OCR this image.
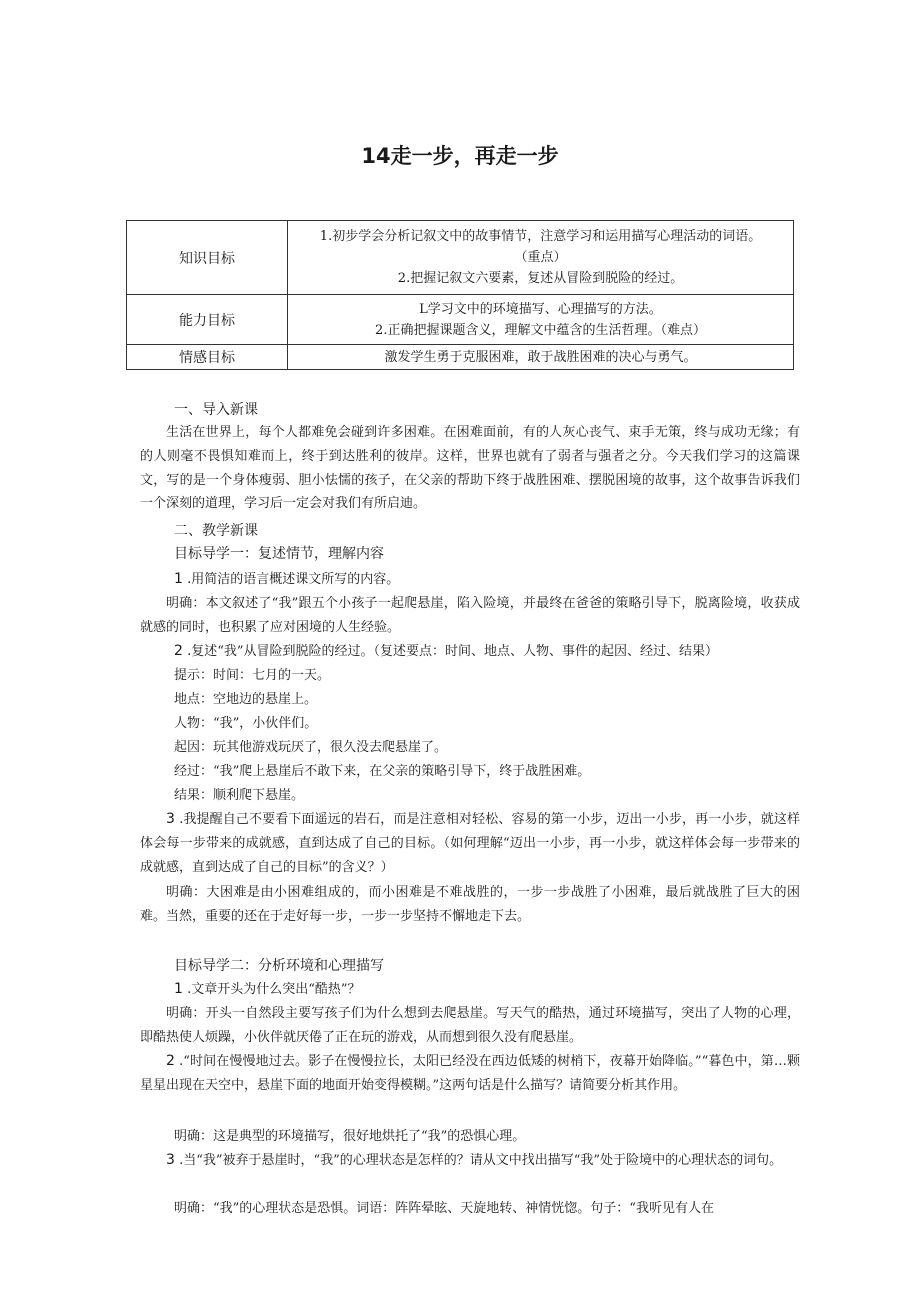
14走一步，再走一步
知识目标	1.初步学会分析记叙文中的故事情节，注意学习和运用描写心理活动的词语。
（重点）
2.把握记叙文六要素，复述从冒险到脱险的经过。

能力目标	L学习文中的环境描写、心理描写的方法。
2.正确把握课题含义，理解文中蕴含的生活哲理。（难点）

情感目标	激发学生勇于克服困难，敢于战胜困难的决心与勇气。
一、导入新课
生活在世界上，每个人都难免会碰到许多困难。在困难面前，有的人灰心丧气、束手无策，终与成功无缘；有的人则毫不畏惧知难而上，终于到达胜利的彼岸。这样，世界也就有了弱者与强者之分。今天我们学习的这篇课文，写的是一个身体瘦弱、胆小怯懦的孩子，在父亲的帮助下终于战胜困难、摆脱困境的故事，这个故事告诉我们一个深刻的道理，学习后一定会对我们有所启迪。
二、教学新课
目标导学一：复述情节，理解内容
1 .用简洁的语言概述课文所写的内容。
明确：本文叙述了“我”跟五个小孩子一起爬悬崖，陷入险境，并最终在爸爸的策略引导下，脱离险境，收获成就感的同时，也积累了应对困境的人生经验。
2 .复述“我”从冒险到脱险的经过。（复述要点：时间、地点、人物、事件的起因、经过、结果）
提示：时间：七月的一天。
地点：空地边的悬崖上。
人物：“我”，小伙伴们。
起因：玩其他游戏玩厌了，很久没去爬悬崖了。
经过：“我”爬上悬崖后不敢下来，在父亲的策略引导下，终于战胜困难。
结果：顺利爬下悬崖。
3 .我提醒自己不要看下面遥远的岩石，而是注意相对轻松、容易的第一小步，迈出一小步，再一小步，就这样体会每一步带来的成就感，直到达成了自己的目标。（如何理解“迈出一小步，再一小步，就这样体会每一步带来的成就感，直到达成了自己的目标”的含义？）
明确：大困难是由小困难组成的，而小困难是不难战胜的，一步一步战胜了小困难，最后就战胜了巨大的困难。当然，重要的还在于走好每一步，一步一步坚持不懈地走下去。
目标导学二：分析环境和心理描写
1 .文章开头为什么突出“酷热”？
明确：开头一自然段主要写孩子们为什么想到去爬悬崖。写天气的酷热，通过环境描写，突出了人物的心理，即酷热使人烦躁，小伙伴就厌倦了正在玩的游戏，从而想到很久没有爬悬崖。
2 .“时间在慢慢地过去。影子在慢慢拉长，太阳已经没在西边低矮的树梢下，夜幕开始降临。”“暮色中，第…颗星星出现在天空中，悬崖下面的地面开始变得模糊。”这两句话是什么描写？请简要分析其作用。
明确：这是典型的环境描写，很好地烘托了“我”的恐惧心理。
3 .当“我”被弃于悬崖时，“我”的心理状态是怎样的？请从文中找出描写“我”处于险境中的心理状态的词句。
明确：“我”的心理状态是恐惧。词语：阵阵晕眩、天旋地转、神情恍惚。句子：“我听见有人在
